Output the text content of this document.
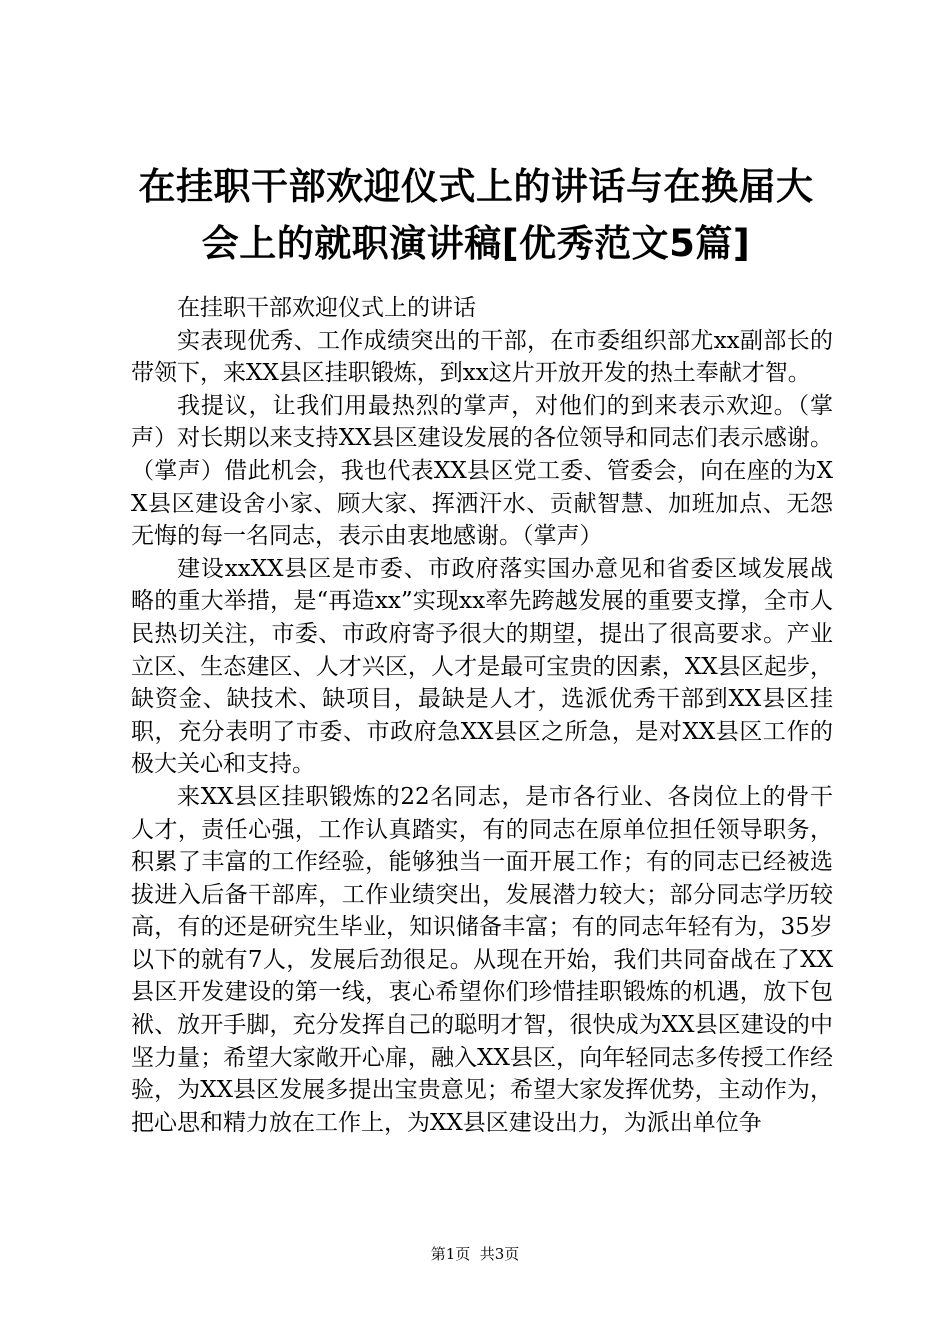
在挂职干部欢迎仪式上的讲话与在换届大会上的就职演讲稿[优秀范文5篇]

在挂职干部欢迎仪式上的讲话

实表现优秀、工作成绩突出的干部，在市委组织部尤xx副部长的带领下，来XX县区挂职锻炼，到xx这片开放开发的热土奉献才智。

我提议，让我们用最热烈的掌声，对他们的到来表示欢迎。（掌声）对长期以来支持XX县区建设发展的各位领导和同志们表示感谢。（掌声）借此机会，我也代表XX县区党工委、管委会，向在座的为XX县区建设舍小家、顾大家、挥洒汗水、贡献智慧、加班加点、无怨无悔的每一名同志，表示由衷地感谢。（掌声）

建设xxXX县区是市委、市政府落实国办意见和省委区域发展战略的重大举措，是“再造xx”实现xx率先跨越发展的重要支撑，全市人民热切关注，市委、市政府寄予很大的期望，提出了很高要求。产业立区、生态建区、人才兴区，人才是最可宝贵的因素，XX县区起步，缺资金、缺技术、缺项目，最缺是人才，选派优秀干部到XX县区挂职，充分表明了市委、市政府急XX县区之所急，是对XX县区工作的极大关心和支持。

来XX县区挂职锻炼的22名同志，是市各行业、各岗位上的骨干人才，责任心强，工作认真踏实，有的同志在原单位担任领导职务，积累了丰富的工作经验，能够独当一面开展工作；有的同志已经被选拔进入后备干部库，工作业绩突出，发展潜力较大；部分同志学历较高，有的还是研究生毕业，知识储备丰富；有的同志年轻有为，35岁以下的就有7人，发展后劲很足。从现在开始，我们共同奋战在了XX县区开发建设的第一线，衷心希望你们珍惜挂职锻炼的机遇，放下包袱、放开手脚，充分发挥自己的聪明才智，很快成为XX县区建设的中坚力量；希望大家敞开心扉，融入XX县区，向年轻同志多传授工作经验，为XX县区发展多提出宝贵意见；希望大家发挥优势，主动作为，把心思和精力放在工作上，为XX县区建设出力，为派出单位争

第1页  共3页
